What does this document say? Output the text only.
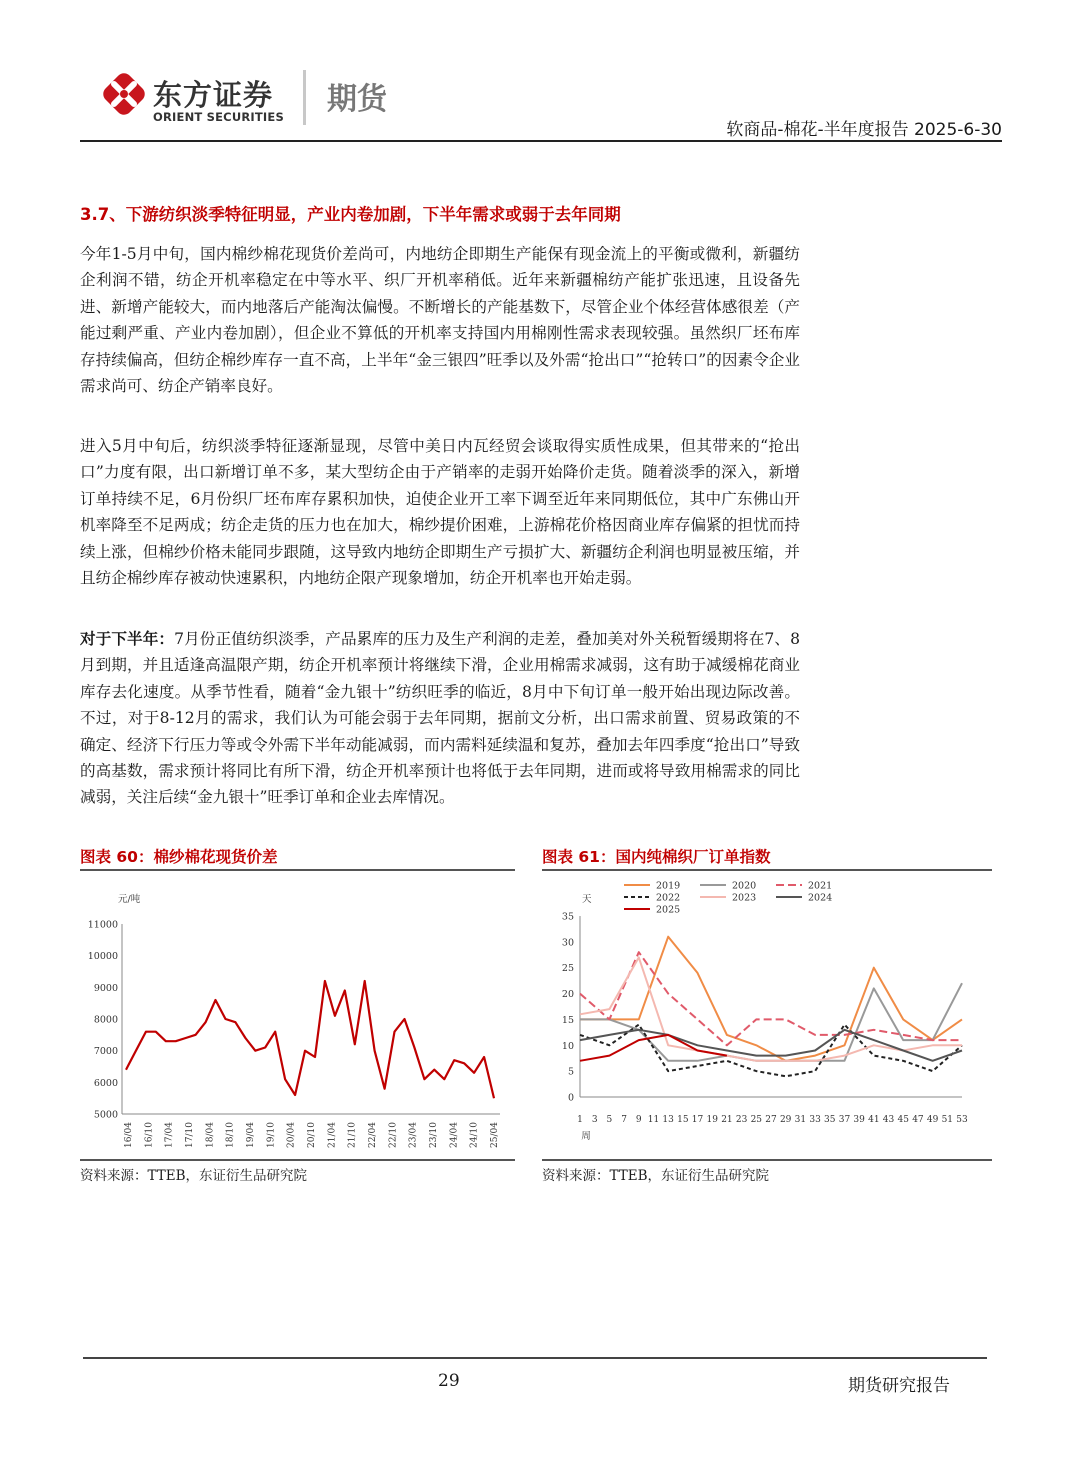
东方证券
ORIENT SECURITIES 期货
软商品-棉花-半年度报告 2025-6-30
3.7、下游纺织淡季特征明显，产业内卷加剧，下半年需求或弱于去年同期
今年1-5月中旬，国内棉纱棉花现货价差尚可，内地纺企即期生产能保有现金流上的平衡或微利，新疆纺企利润不错，纺企开机率稳定在中等水平、织厂开机率稍低。近年来新疆棉纺产能扩张迅速，且设备先进、新增产能较大，而内地落后产能淘汰偏慢。不断增长的产能基数下，尽管企业个体经营体感很差（产能过剩严重、产业内卷加剧），但企业不算低的开机率支持国内用棉刚性需求表现较强。虽然织厂坯布库存持续偏高，但纺企棉纱库存一直不高，上半年“金三银四”旺季以及外需“抢出口”“抢转口”的因素令企业需求尚可、纺企产销率良好。
进入5月中旬后，纺织淡季特征逐渐显现，尽管中美日内瓦经贸会谈取得实质性成果，但其带来的“抢出口”力度有限，出口新增订单不多，某大型纺企由于产销率的走弱开始降价走货。随着淡季的深入，新增订单持续不足，6月份织厂坯布库存累积加快，迫使企业开工率下调至近年来同期低位，其中广东佛山开机率降至不足两成；纺企走货的压力也在加大，棉纱提价困难，上游棉花价格因商业库存偏紧的担忧而持续上涨，但棉纱价格未能同步跟随，这导致内地纺企即期生产亏损扩大、新疆纺企利润也明显被压缩，并且纺企棉纱库存被动快速累积，内地纺企限产现象增加，纺企开机率也开始走弱。
对于下半年：7月份正值纺织淡季，产品累库的压力及生产利润的走差，叠加美对外关税暂缓期将在7、8月到期，并且适逢高温限产期，纺企开机率预计将继续下滑，企业用棉需求减弱，这有助于减缓棉花商业库存去化速度。从季节性看，随着“金九银十”纺织旺季的临近，8月中下旬订单一般开始出现边际改善。不过，对于8-12月的需求，我们认为可能会弱于去年同期，据前文分析，出口需求前置、贸易政策的不确定、经济下行压力等或令外需下半年动能减弱，而内需料延续温和复苏，叠加去年四季度“抢出口”导致的高基数，需求预计将同比有所下滑，纺企开机率预计也将低于去年同期，进而或将导致用棉需求的同比减弱，关注后续“金九银十”旺季订单和企业去库情况。
图表 60：棉纱棉花现货价差
元/吨
5000
6000
7000
8000
9000
10000
11000
16/04 16/10 17/04 17/10 18/04 18/10 19/04 19/10 20/04 20/10 21/04 21/10 22/04 22/10 23/04 23/10 24/04 24/10 25/04
资料来源：TTEB，东证衍生品研究院
图表 61：国内纯棉织厂订单指数
天
0
5
10
15
20
25
30
35
1 3 5 7 9 11 13 15 17 19 21 23 25 27 29 31 33 35 37 39 41 43 45 47 49 51 53
周
2019	2020	2021
2022	2023	2024
2025
资料来源：TTEB，东证衍生品研究院
29	期货研究报告
